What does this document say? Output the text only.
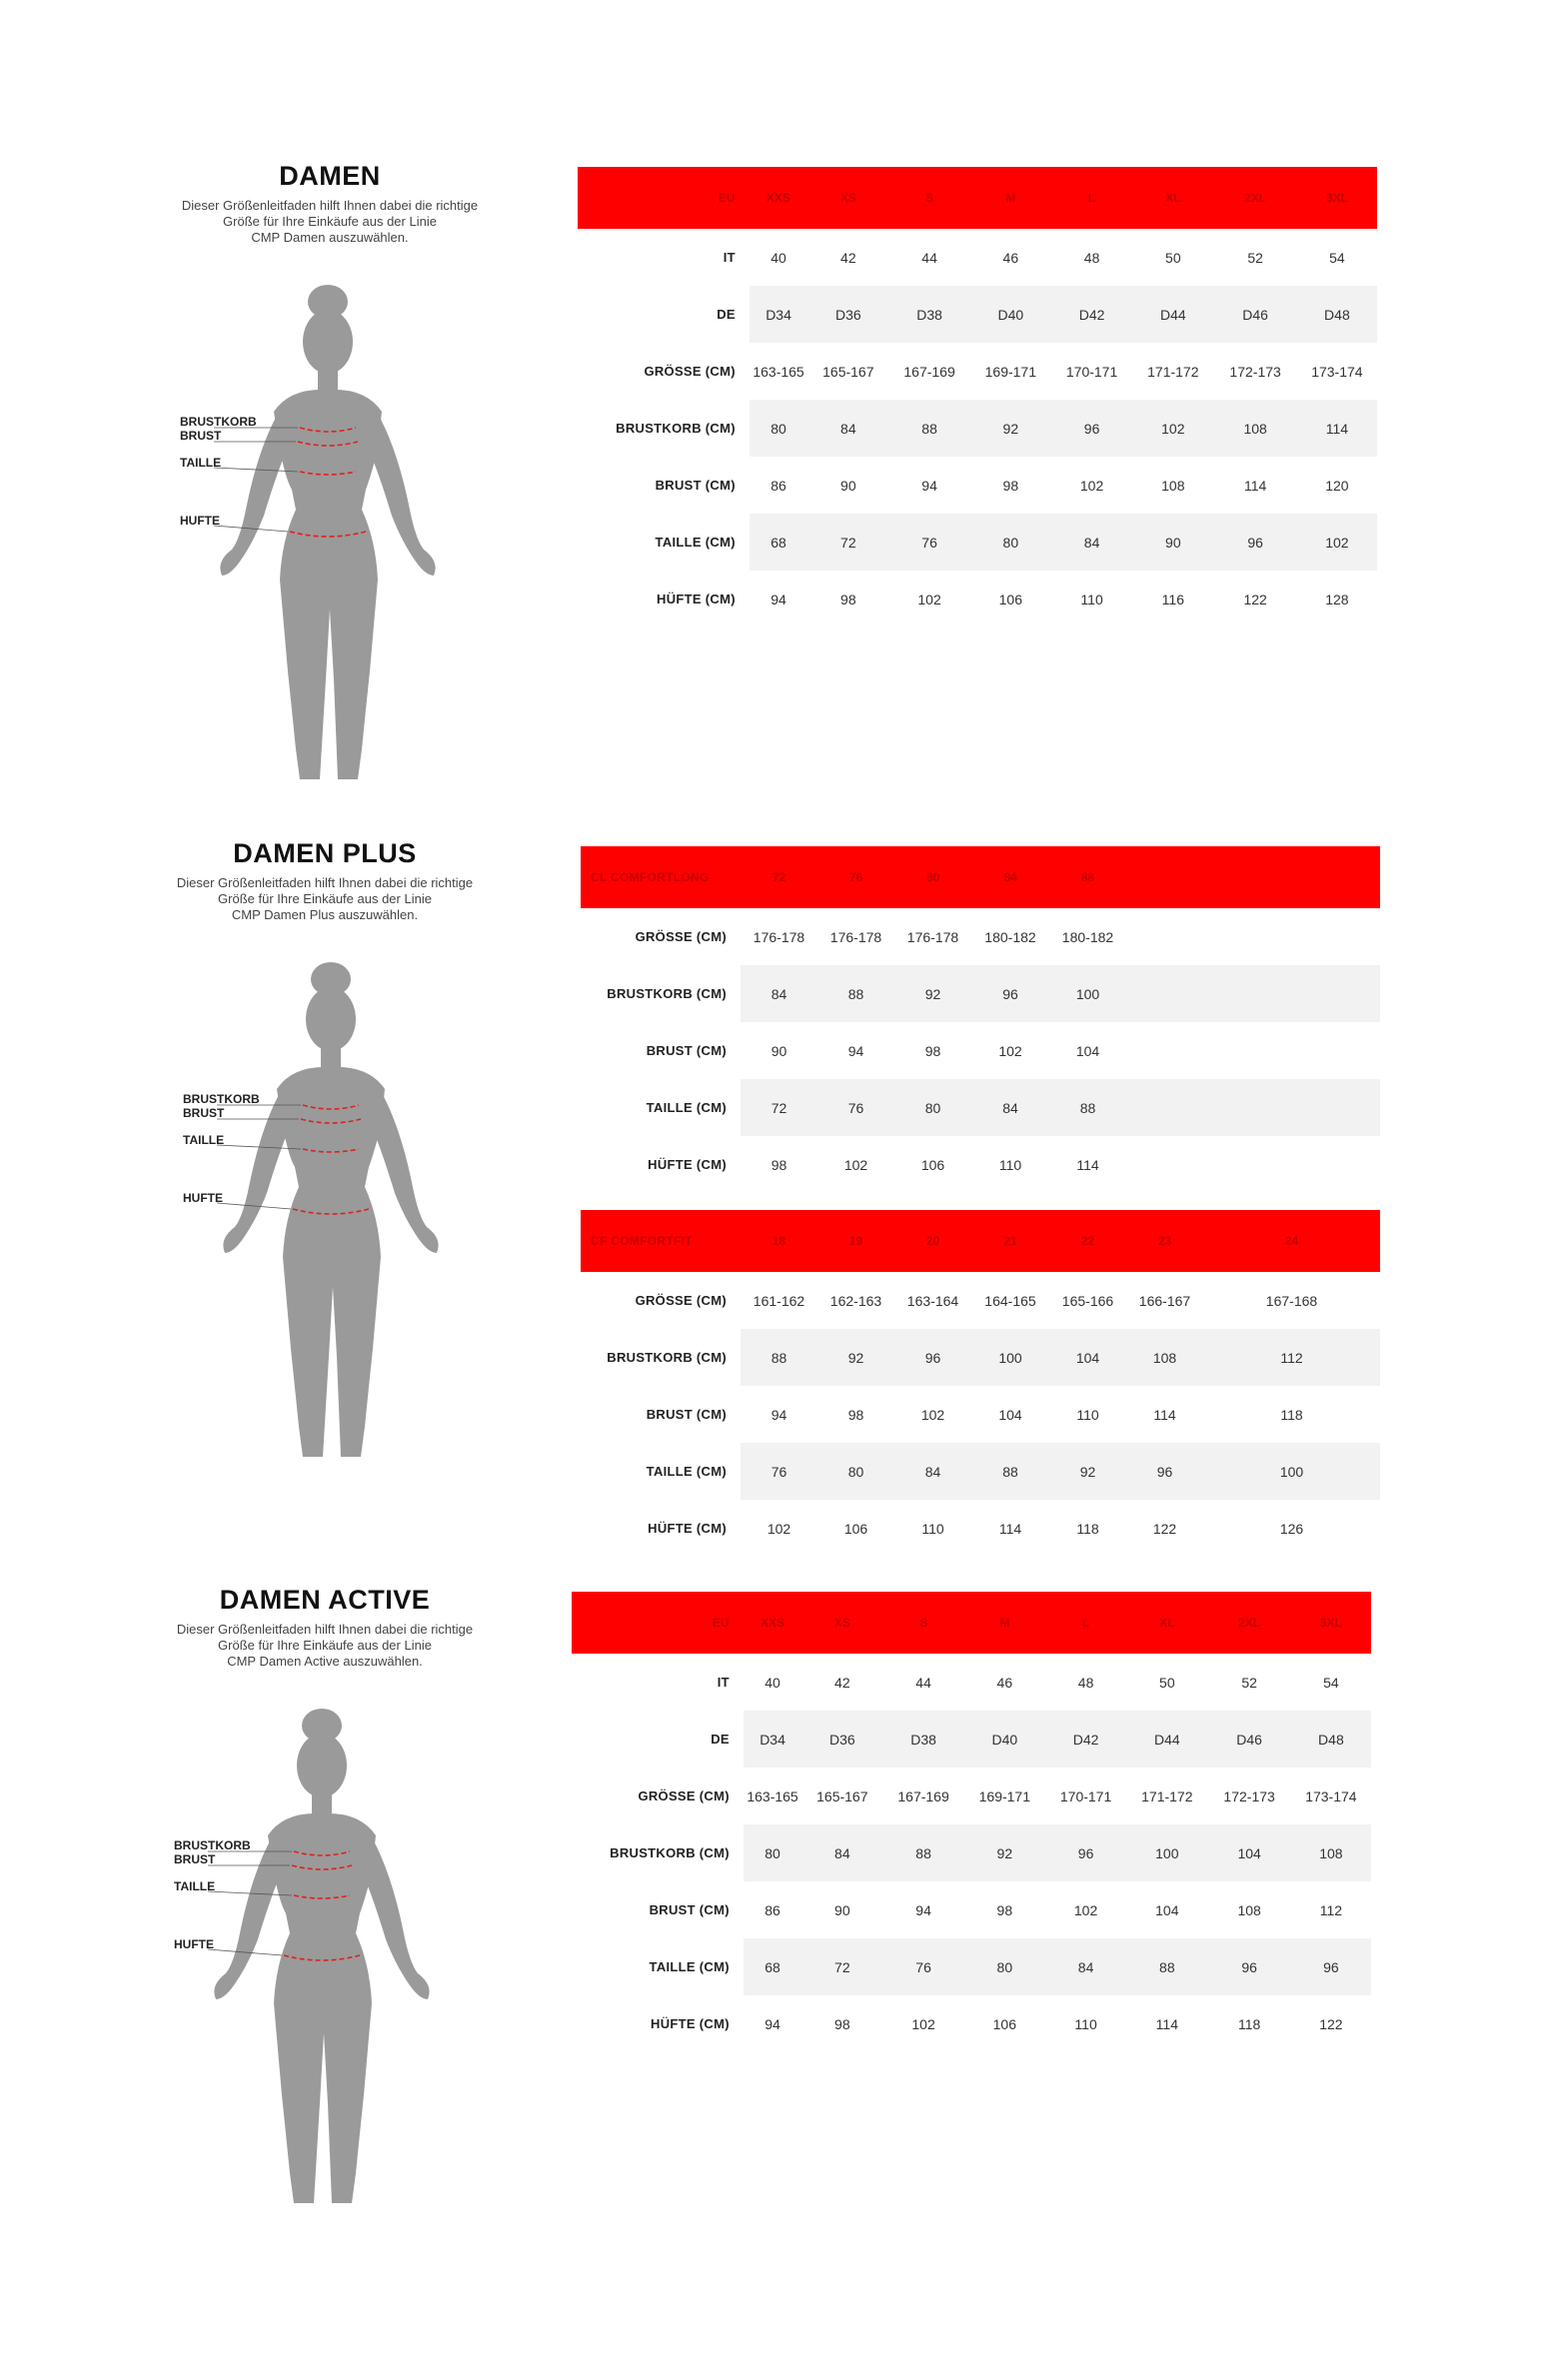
DAMEN
Dieser Größenleitfaden hilft Ihnen dabei die richtige
Größe für Ihre Einkäufe aus der Linie
CMP Damen auszuwählen.
BRUSTKORB
BRUST
TAILLE
HUFTE
EU	XXS	XS	S	M	L	XL	2XL	3XL
IT	40	42	44	46	48	50	52	54
DE	D34	D36	D38	D40	D42	D44	D46	D48
GRÖSSE (CM)	163-165	165-167	167-169	169-171	170-171	171-172	172-173	173-174
BRUSTKORB (CM)	80	84	88	92	96	102	108	114
BRUST (CM)	86	90	94	98	102	108	114	120
TAILLE (CM)	68	72	76	80	84	90	96	102
HÜFTE (CM)	94	98	102	106	110	116	122	128
DAMEN PLUS
Dieser Größenleitfaden hilft Ihnen dabei die richtige
Größe für Ihre Einkäufe aus der Linie
CMP Damen Plus auszuwählen.
BRUSTKORB
BRUST
TAILLE
HUFTE
CL COMFORTLONG	72	76	80	84	88		
GRÖSSE (CM)	176-178	176-178	176-178	180-182	180-182		
BRUSTKORB (CM)	84	88	92	96	100		
BRUST (CM)	90	94	98	102	104		
TAILLE (CM)	72	76	80	84	88		
HÜFTE (CM)	98	102	106	110	114		
CF COMFORTFIT	18	19	20	21	22	23	24
GRÖSSE (CM)	161-162	162-163	163-164	164-165	165-166	166-167	167-168
BRUSTKORB (CM)	88	92	96	100	104	108	112
BRUST (CM)	94	98	102	104	110	114	118
TAILLE (CM)	76	80	84	88	92	96	100
HÜFTE (CM)	102	106	110	114	118	122	126
DAMEN ACTIVE
Dieser Größenleitfaden hilft Ihnen dabei die richtige
Größe für Ihre Einkäufe aus der Linie
CMP Damen Active auszuwählen.
BRUSTKORB
BRUST
TAILLE
HUFTE
EU	XXS	XS	S	M	L	XL	2XL	3XL
IT	40	42	44	46	48	50	52	54
DE	D34	D36	D38	D40	D42	D44	D46	D48
GRÖSSE (CM)	163-165	165-167	167-169	169-171	170-171	171-172	172-173	173-174
BRUSTKORB (CM)	80	84	88	92	96	100	104	108
BRUST (CM)	86	90	94	98	102	104	108	112
TAILLE (CM)	68	72	76	80	84	88	96	96
HÜFTE (CM)	94	98	102	106	110	114	118	122
